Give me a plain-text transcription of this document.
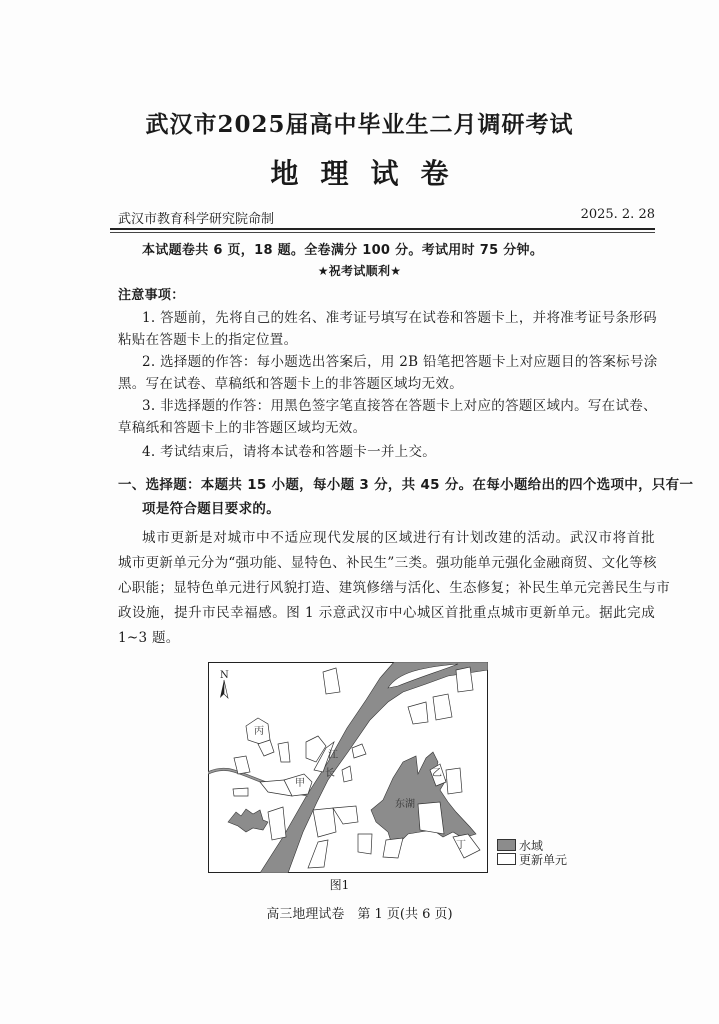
武汉市2025届高中毕业生二月调研考试
地理试卷
武汉市教育科学研究院命制	2025. 2. 28
本试题卷共 6 页，18 题。全卷满分 100 分。考试用时 75 分钟。
★祝考试顺利★
注意事项：
1. 答题前，先将自己的姓名、准考证号填写在试卷和答题卡上，并将准考证号条形码
粘贴在答题卡上的指定位置。
2. 选择题的作答：每小题选出答案后，用 2B 铅笔把答题卡上对应题目的答案标号涂
黑。写在试卷、草稿纸和答题卡上的非答题区域均无效。
3. 非选择题的作答：用黑色签字笔直接答在答题卡上对应的答题区域内。写在试卷、
草稿纸和答题卡上的非答题区域均无效。
4. 考试结束后，请将本试卷和答题卡一并上交。
一、选择题：本题共 15 小题，每小题 3 分，共 45 分。在每小题给出的四个选项中，只有一
项是符合题目要求的。
城市更新是对城市中不适应现代发展的区域进行有计划改建的活动。武汉市将首批
城市更新单元分为“强功能、显特色、补民生”三类。强功能单元强化金融商贸、文化等核
心职能；显特色单元进行风貌打造、建筑修缮与活化、生态修复；补民生单元完善民生与市
政设施，提升市民幸福感。图 1 示意武汉市中心城区首批重点城市更新单元。据此完成
1~3 题。
N
丙
甲
江
长
东湖
乙
丁	水域
更新单元
图1
高三地理试卷　第 1 页(共 6 页)
